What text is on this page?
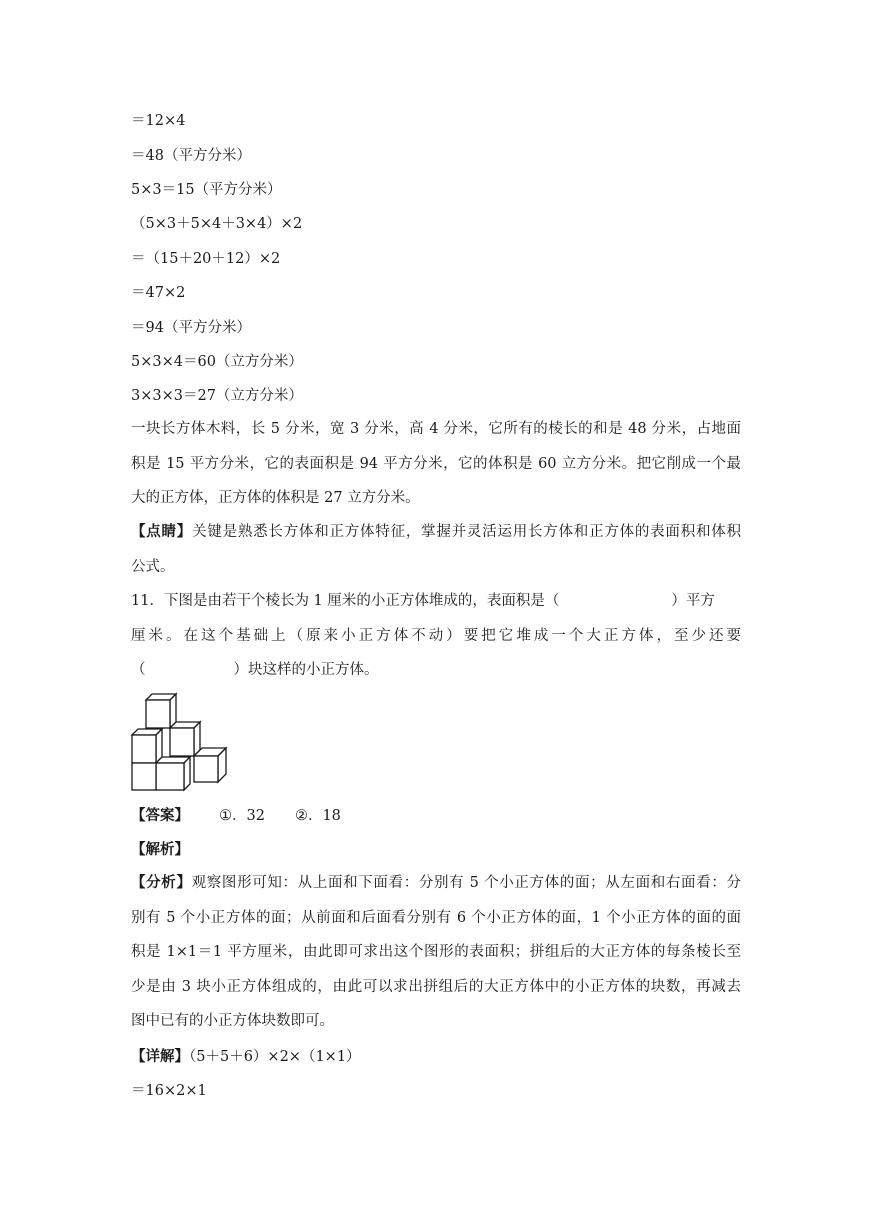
＝12×4
＝48（平方分米）
5×3＝15（平方分米）
（5×3＋5×4＋3×4）×2
＝（15＋20＋12）×2
＝47×2
＝94（平方分米）
5×3×4＝60（立方分米）
3×3×3＝27（立方分米）
一块长方体木料，长 5 分米，宽 3 分米，高 4 分米，它所有的棱长的和是 48 分米，占地面
积是 15 平方分米，它的表面积是 94 平方分米，它的体积是 60 立方分米。把它削成一个最
大的正方体，正方体的体积是 27 立方分米。
【点睛】关键是熟悉长方体和正方体特征，掌握并灵活运用长方体和正方体的表面积和体积
公式。
11．下图是由若干个棱长为 1 厘米的小正方体堆成的，表面积是（	）平方
厘米。在这个基础上（原来小正方体不动）要把它堆成一个大正方体，至少还要
（	）块这样的小正方体。
【答案】 ①．32 ②．18
【解析】
【分析】观察图形可知：从上面和下面看：分别有 5 个小正方体的面；从左面和右面看：分
别有 5 个小正方体的面；从前面和后面看分别有 6 个小正方体的面，1 个小正方体的面的面
积是 1×1＝1 平方厘米，由此即可求出这个图形的表面积；拼组后的大正方体的每条棱长至
少是由 3 块小正方体组成的，由此可以求出拼组后的大正方体中的小正方体的块数，再减去
图中已有的小正方体块数即可。
【详解】（5＋5＋6）×2×（1×1）
＝16×2×1
